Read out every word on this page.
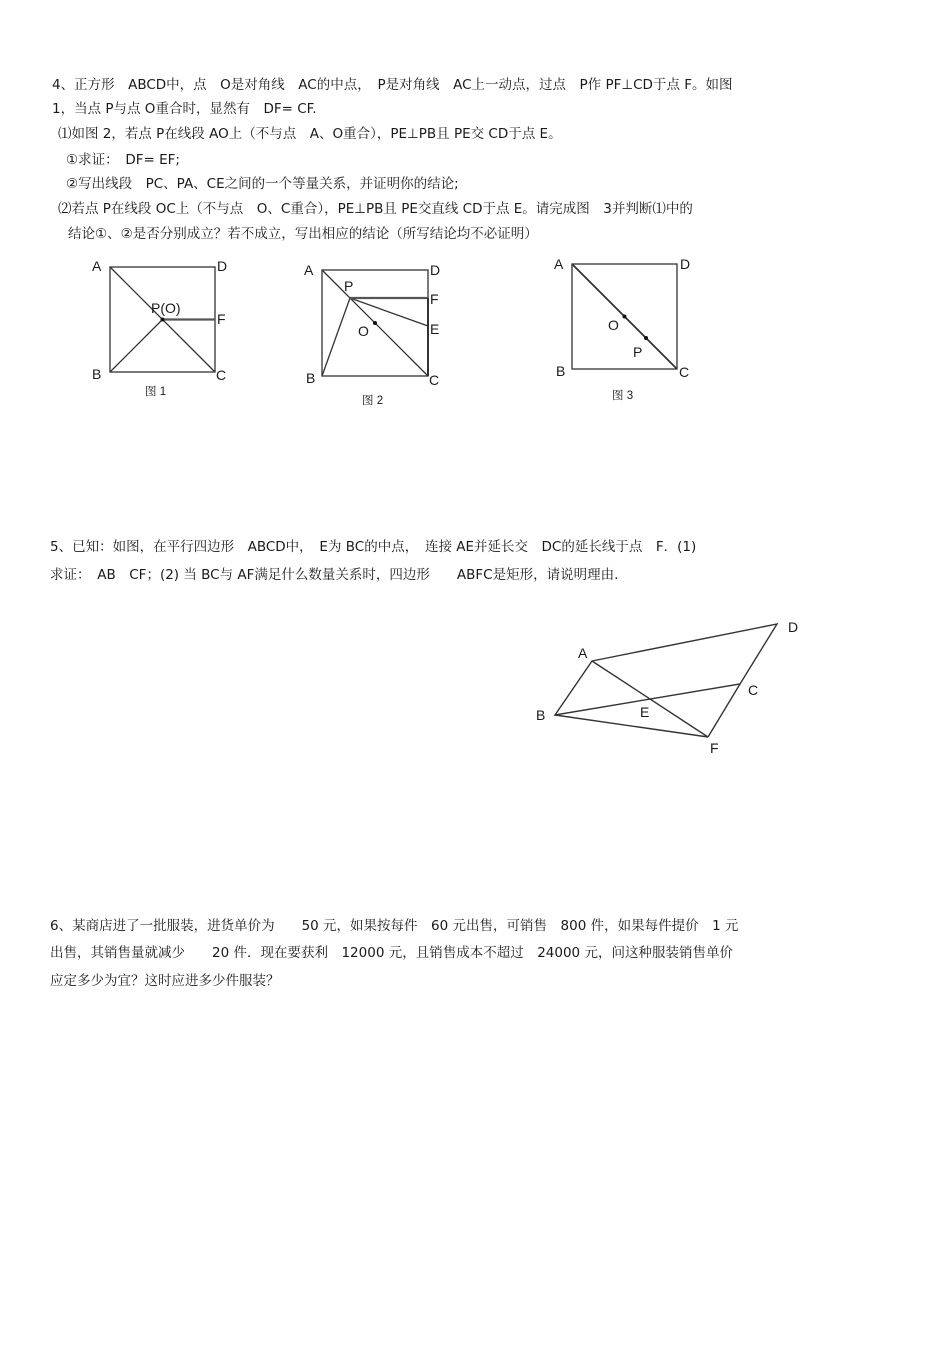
4、正方形　ABCD中，点　O是对角线　AC的中点，　P是对角线　AC上一动点，过点　P作 PF⊥CD于点 F。如图
1，当点 P与点 O重合时，显然有　DF= CF.
⑴如图 2，若点 P在线段 AO上（不与点　A、O重合），PE⊥PB且 PE交 CD于点 E。
①求证：　DF= EF;
②写出线段　PC、PA、CE之间的一个等量关系，并证明你的结论;
⑵若点 P在线段 OC上（不与点　O、C重合），PE⊥PB且 PE交直线 CD于点 E。请完成图　3并判断⑴中的
结论①、②是否分别成立？若不成立，写出相应的结论（所写结论均不必证明）
A	D
B	C
P(O)
F
图 1
A	D
P
F
O	E
B	C
图 2
A	D
O
P
B	C
图 3
5、已知：如图，在平行四边形　ABCD中，　E为 BC的中点，　连接 AE并延长交　DC的延长线于点　F．(1)
求证：　AB　CF；(2) 当 BC与 AF满足什么数量关系时，四边形　　ABFC是矩形，请说明理由.
D
A
C
B	E
F
6、某商店进了一批服装，进货单价为　　50 元，如果按每件　60 元出售，可销售　800 件，如果每件提价　1 元
出售，其销售量就减少　　20 件．现在要获利　12000 元，且销售成本不超过　24000 元，问这种服装销售单价
应定多少为宜？这时应进多少件服装？
